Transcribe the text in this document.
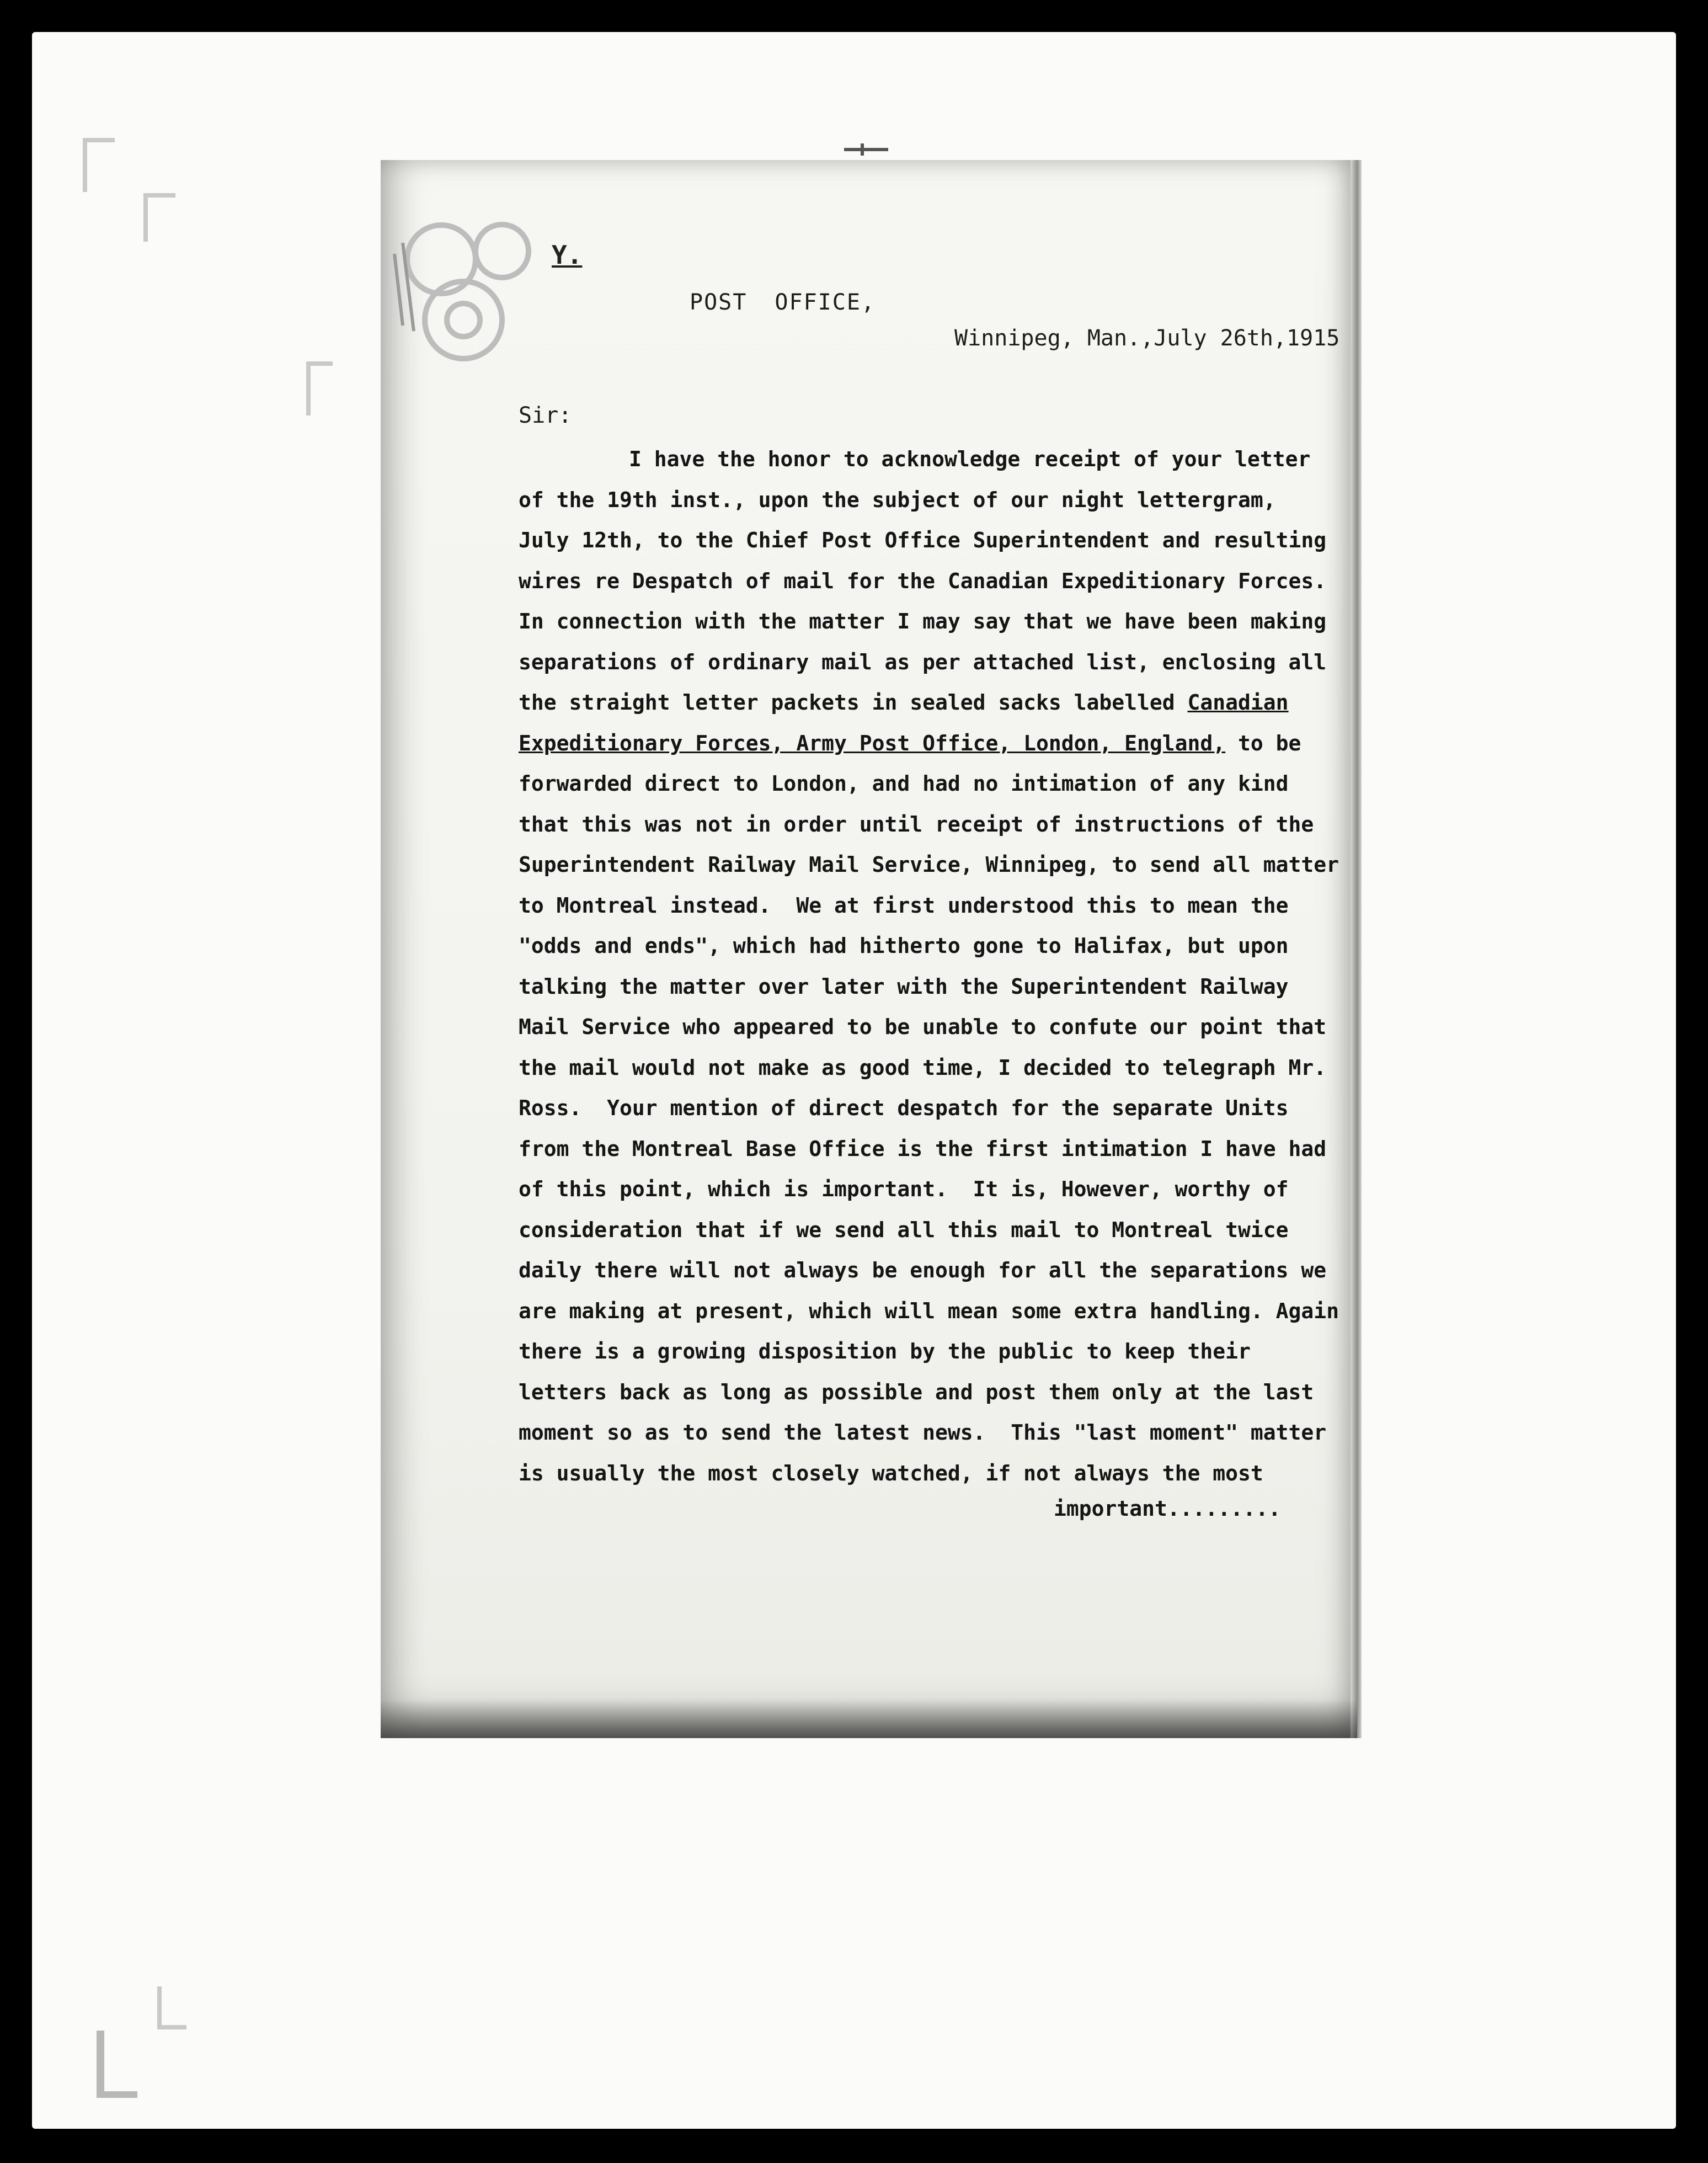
Y.
POST OFFICE,
Winnipeg, Man.,July 26th,1915
Sir:
I have the honor to acknowledge receipt of your letter
of the 19th inst., upon the subject of our night lettergram,
July 12th, to the Chief Post Office Superintendent and resulting
wires re Despatch of mail for the Canadian Expeditionary Forces.
In connection with the matter I may say that we have been making
separations of ordinary mail as per attached list, enclosing all
the straight letter packets in sealed sacks labelled Canadian
Expeditionary Forces, Army Post Office, London, England, to be
forwarded direct to London, and had no intimation of any kind
that this was not in order until receipt of instructions of the
Superintendent Railway Mail Service, Winnipeg, to send all matter
to Montreal instead.  We at first understood this to mean the
"odds and ends", which had hitherto gone to Halifax, but upon
talking the matter over later with the Superintendent Railway
Mail Service who appeared to be unable to confute our point that
the mail would not make as good time, I decided to telegraph Mr.
Ross.  Your mention of direct despatch for the separate Units
from the Montreal Base Office is the first intimation I have had
of this point, which is important.  It is, However, worthy of
consideration that if we send all this mail to Montreal twice
daily there will not always be enough for all the separations we
are making at present, which will mean some extra handling. Again
there is a growing disposition by the public to keep their
letters back as long as possible and post them only at the last
moment so as to send the latest news.  This "last moment" matter
is usually the most closely watched, if not always the most
important.........
